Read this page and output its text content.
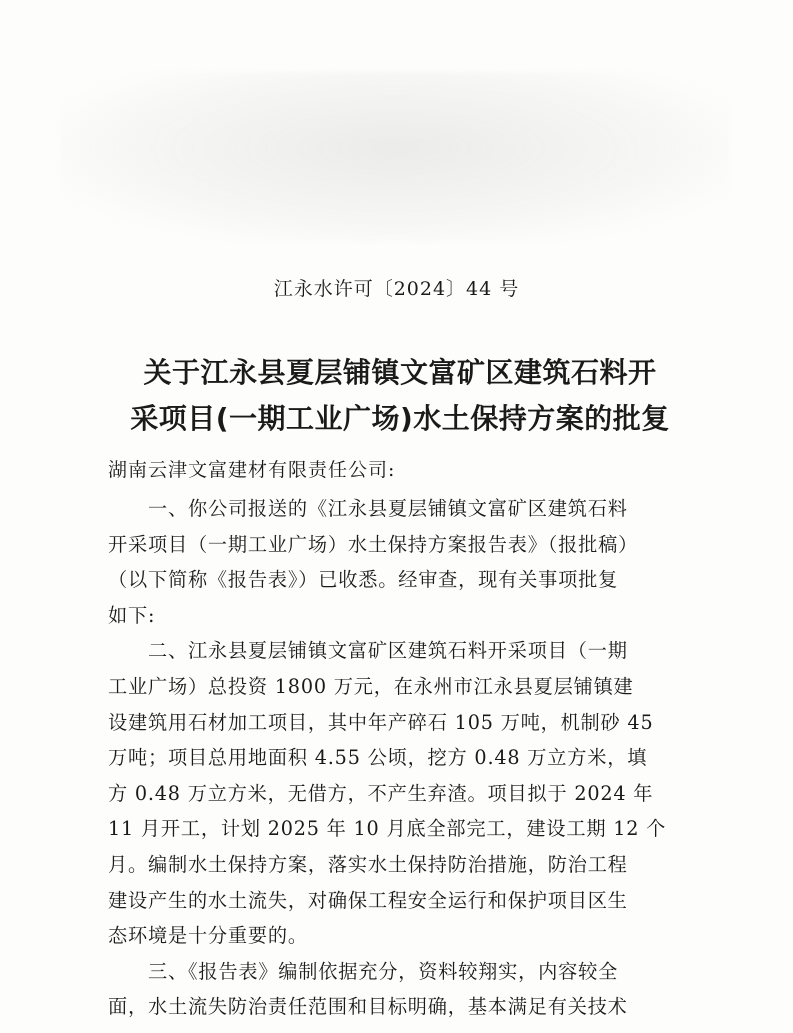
江永水许可〔2024〕44 号
关于江永县夏层铺镇文富矿区建筑石料开
采项目(一期工业广场)水土保持方案的批复
湖南云津文富建材有限责任公司:
一、你公司报送的《江永县夏层铺镇文富矿区建筑石料
开采项目（一期工业广场）水土保持方案报告表》（报批稿）
（以下简称《报告表》）已收悉。经审查，现有关事项批复
如下:
二、江永县夏层铺镇文富矿区建筑石料开采项目（一期
工业广场）总投资 1800 万元，在永州市江永县夏层铺镇建
设建筑用石材加工项目，其中年产碎石 105 万吨，机制砂 45
万吨；项目总用地面积 4.55 公顷，挖方 0.48 万立方米，填
方 0.48 万立方米，无借方，不产生弃渣。项目拟于 2024 年
11 月开工，计划 2025 年 10 月底全部完工，建设工期 12 个
月。编制水土保持方案，落实水土保持防治措施，防治工程
建设产生的水土流失，对确保工程安全运行和保护项目区生
态环境是十分重要的。
三、《报告表》编制依据充分，资料较翔实，内容较全
面，水土流失防治责任范围和目标明确，基本满足有关技术
